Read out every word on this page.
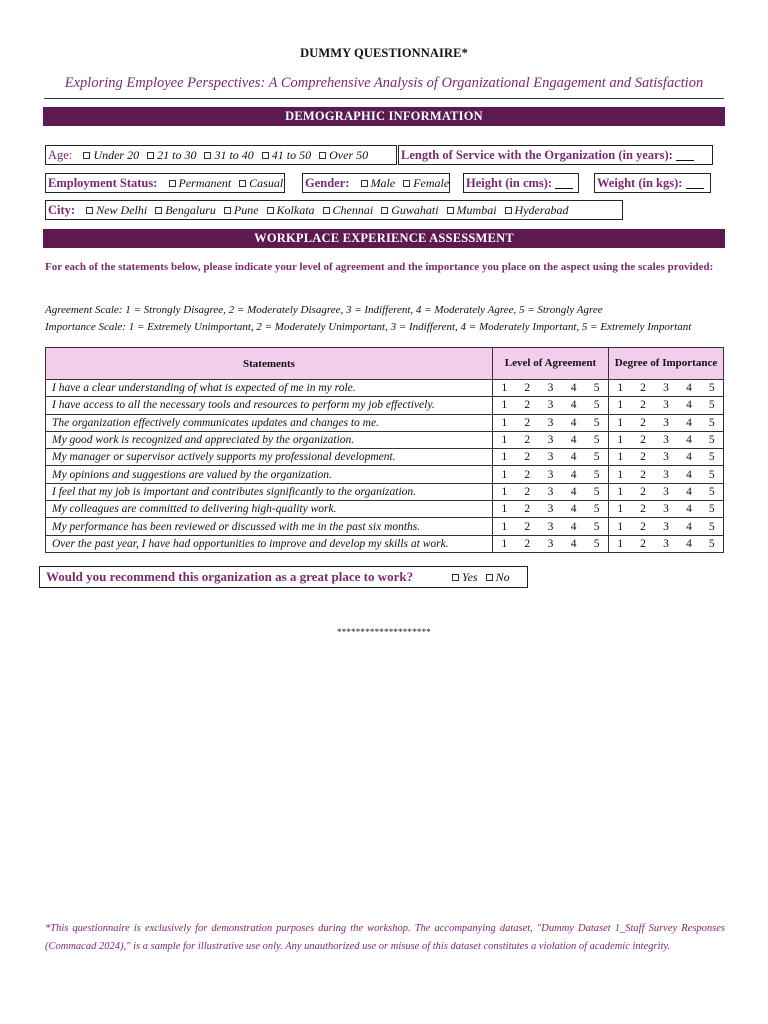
DUMMY QUESTIONNAIRE*
Exploring Employee Perspectives: A Comprehensive Analysis of Organizational Engagement and Satisfaction
DEMOGRAPHIC INFORMATION
Age: Under 20 21 to 30 31 to 40 41 to 50 Over 50	Length of Service with the Organization (in years):
Employment Status: Permanent Casual Gender: Male Female Height (in cms):	Weight (in kgs):
City: New Delhi Bengaluru Pune Kolkata Chennai Guwahati Mumbai Hyderabad
WORKPLACE EXPERIENCE ASSESSMENT
For each of the statements below, please indicate your level of agreement and the importance you place on the aspect using the scales provided:
Agreement Scale: 1 = Strongly Disagree, 2 = Moderately Disagree, 3 = Indifferent, 4 = Moderately Agree, 5 = Strongly Agree
Importance Scale: 1 = Extremely Unimportant, 2 = Moderately Unimportant, 3 = Indifferent, 4 = Moderately Important, 5 = Extremely Important
Statements	Level of Agreement					Degree of Importance				
I have a clear understanding of what is expected of me in my role.	1	2	3	4	5	1	2	3	4	5
I have access to all the necessary tools and resources to perform my job effectively.	1	2	3	4	5	1	2	3	4	5
The organization effectively communicates updates and changes to me.	1	2	3	4	5	1	2	3	4	5
My good work is recognized and appreciated by the organization.	1	2	3	4	5	1	2	3	4	5
My manager or supervisor actively supports my professional development.	1	2	3	4	5	1	2	3	4	5
My opinions and suggestions are valued by the organization.	1	2	3	4	5	1	2	3	4	5
I feel that my job is important and contributes significantly to the organization.	1	2	3	4	5	1	2	3	4	5
My colleagues are committed to delivering high-quality work.	1	2	3	4	5	1	2	3	4	5
My performance has been reviewed or discussed with me in the past six months.	1	2	3	4	5	1	2	3	4	5
Over the past year, I have had opportunities to improve and develop my skills at work.	1	2	3	4	5	1	2	3	4	5
Would you recommend this organization as a great place to work?	Yes No
********************
*This questionnaire is exclusively for demonstration purposes during the workshop. The accompanying dataset, "Dummy Dataset 1_Staff Survey Responses (Commacad 2024)," is a sample for illustrative use only. Any unauthorized use or misuse of this dataset constitutes a violation of academic integrity.
